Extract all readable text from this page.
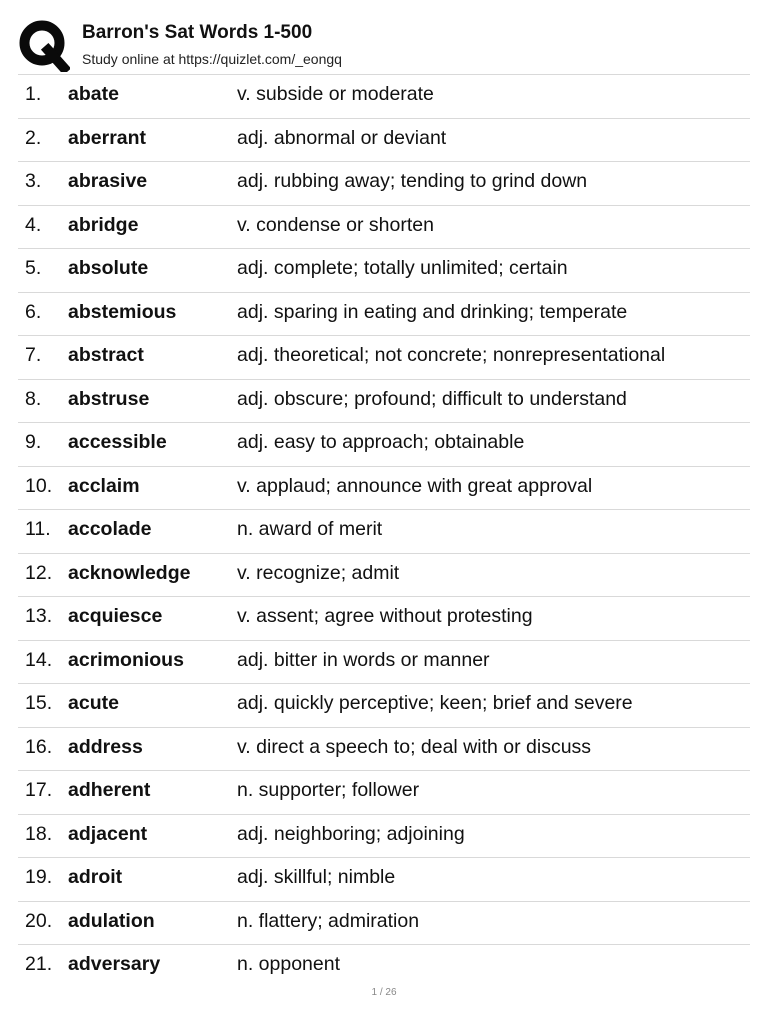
Barron's Sat Words 1-500
Study online at https://quizlet.com/_eongq
1. abate	v. subside or moderate
2. aberrant	adj. abnormal or deviant
3. abrasive	adj. rubbing away; tending to grind down
4. abridge	v. condense or shorten
5. absolute	adj. complete; totally unlimited; certain
6. abstemious	adj. sparing in eating and drinking; temperate
7. abstract	adj. theoretical; not concrete; nonrepresentational
8. abstruse	adj. obscure; profound; difficult to understand
9. accessible	adj. easy to approach; obtainable
10. acclaim	v. applaud; announce with great approval
11. accolade	n. award of merit
12. acknowledge v. recognize; admit
13. acquiesce	v. assent; agree without protesting
14. acrimonious	adj. bitter in words or manner
15. acute	adj. quickly perceptive; keen; brief and severe
16. address	v. direct a speech to; deal with or discuss
17. adherent	n. supporter; follower
18. adjacent	adj. neighboring; adjoining
19. adroit	adj. skillful; nimble
20. adulation	n. flattery; admiration
21. adversary	n. opponent
1 / 26
